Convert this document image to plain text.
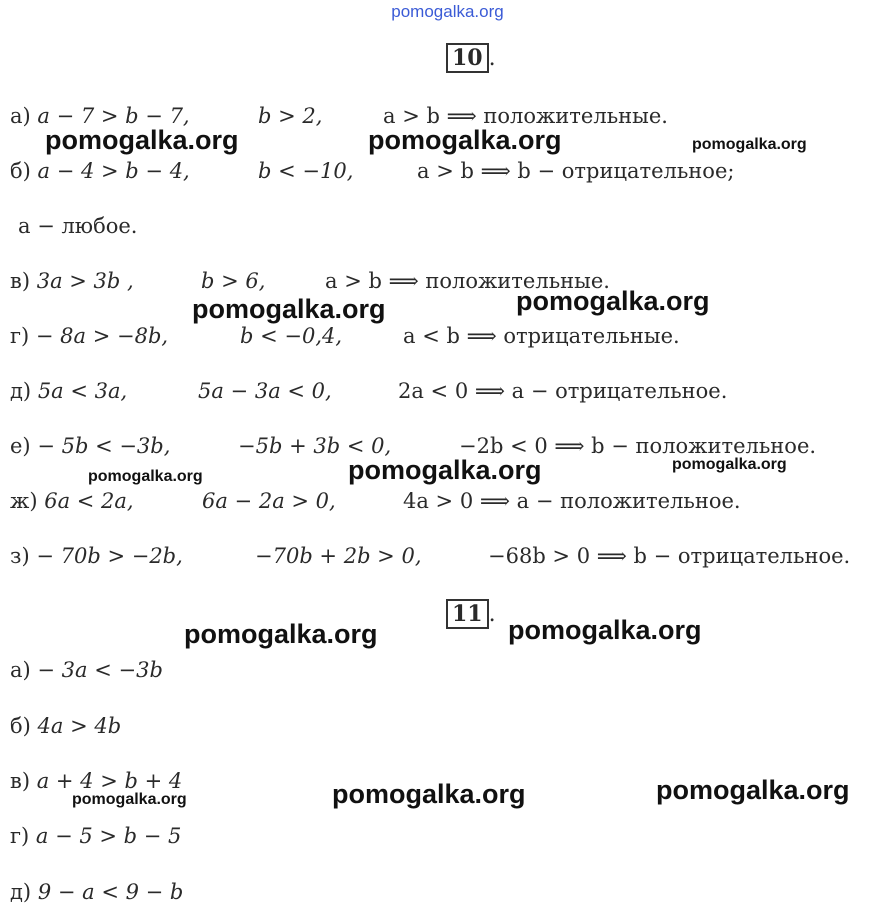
pomogalka.org
10 .
а) a − 7 > b − 7,	b > 2,	a > b ⟹ положительные.
б) a − 4 > b − 4,	b < −10,	a > b ⟹ b − отрицательное;
a − любое.
в) 3a > 3b ,	b > 6,	a > b ⟹ положительные.
г) − 8a > −8b,	b < −0,4,	a < b ⟹ отрицательные.
д) 5a < 3a,	5a − 3a < 0,	2a < 0 ⟹ a − отрицательное.
е) − 5b < −3b,	−5b + 3b < 0,	−2b < 0 ⟹ b − положительное.
ж) 6a < 2a,	6a − 2a > 0,	4a > 0 ⟹ a − положительное.
з) − 70b > −2b,	−70b + 2b > 0,	−68b > 0 ⟹ b − отрицательное.
11 .
а) − 3a < −3b
б) 4a > 4b
в) a + 4 > b + 4
г) a − 5 > b − 5
д) 9 − a < 9 − b
pomogalka.org	pomogalka.org	pomogalka.org
pomogalka.org	pomogalka.org
pomogalka.org	pomogalka.org	pomogalka.org
pomogalka.org	pomogalka.org
pomogalka.org	pomogalka.org	pomogalka.org
